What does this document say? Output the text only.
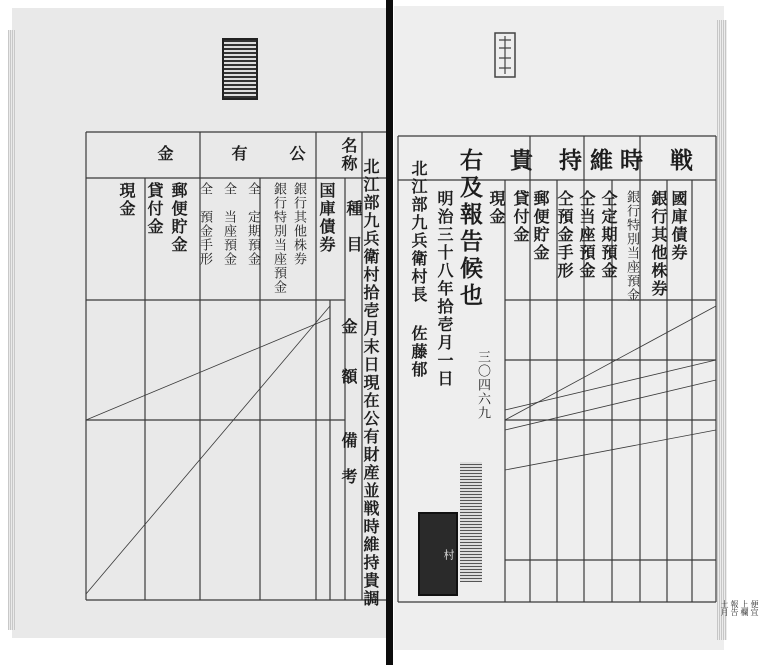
名称
公
有
金
北江部九兵衛村拾壱月末日現在公有財産並戦時維持貴調
種　目
金
額
備　考
国庫債券
銀行特別当座預金 銀行其他株券
全　定期預金
全　当座預金
全　預金手形
郵便貯金
貸付金
現金
戦
時
維
持
貴
國庫債券
銀行其他株券
銀行特別当座預金
仝定期預金
仝当座預金
仝預金手形
郵便貯金
貸付金
現金
三〇四六九
右及報告候也
明治三十八年拾壱月一日
北江部九兵衛村長 佐藤郁
村
便宜
上欄
報告
土月
